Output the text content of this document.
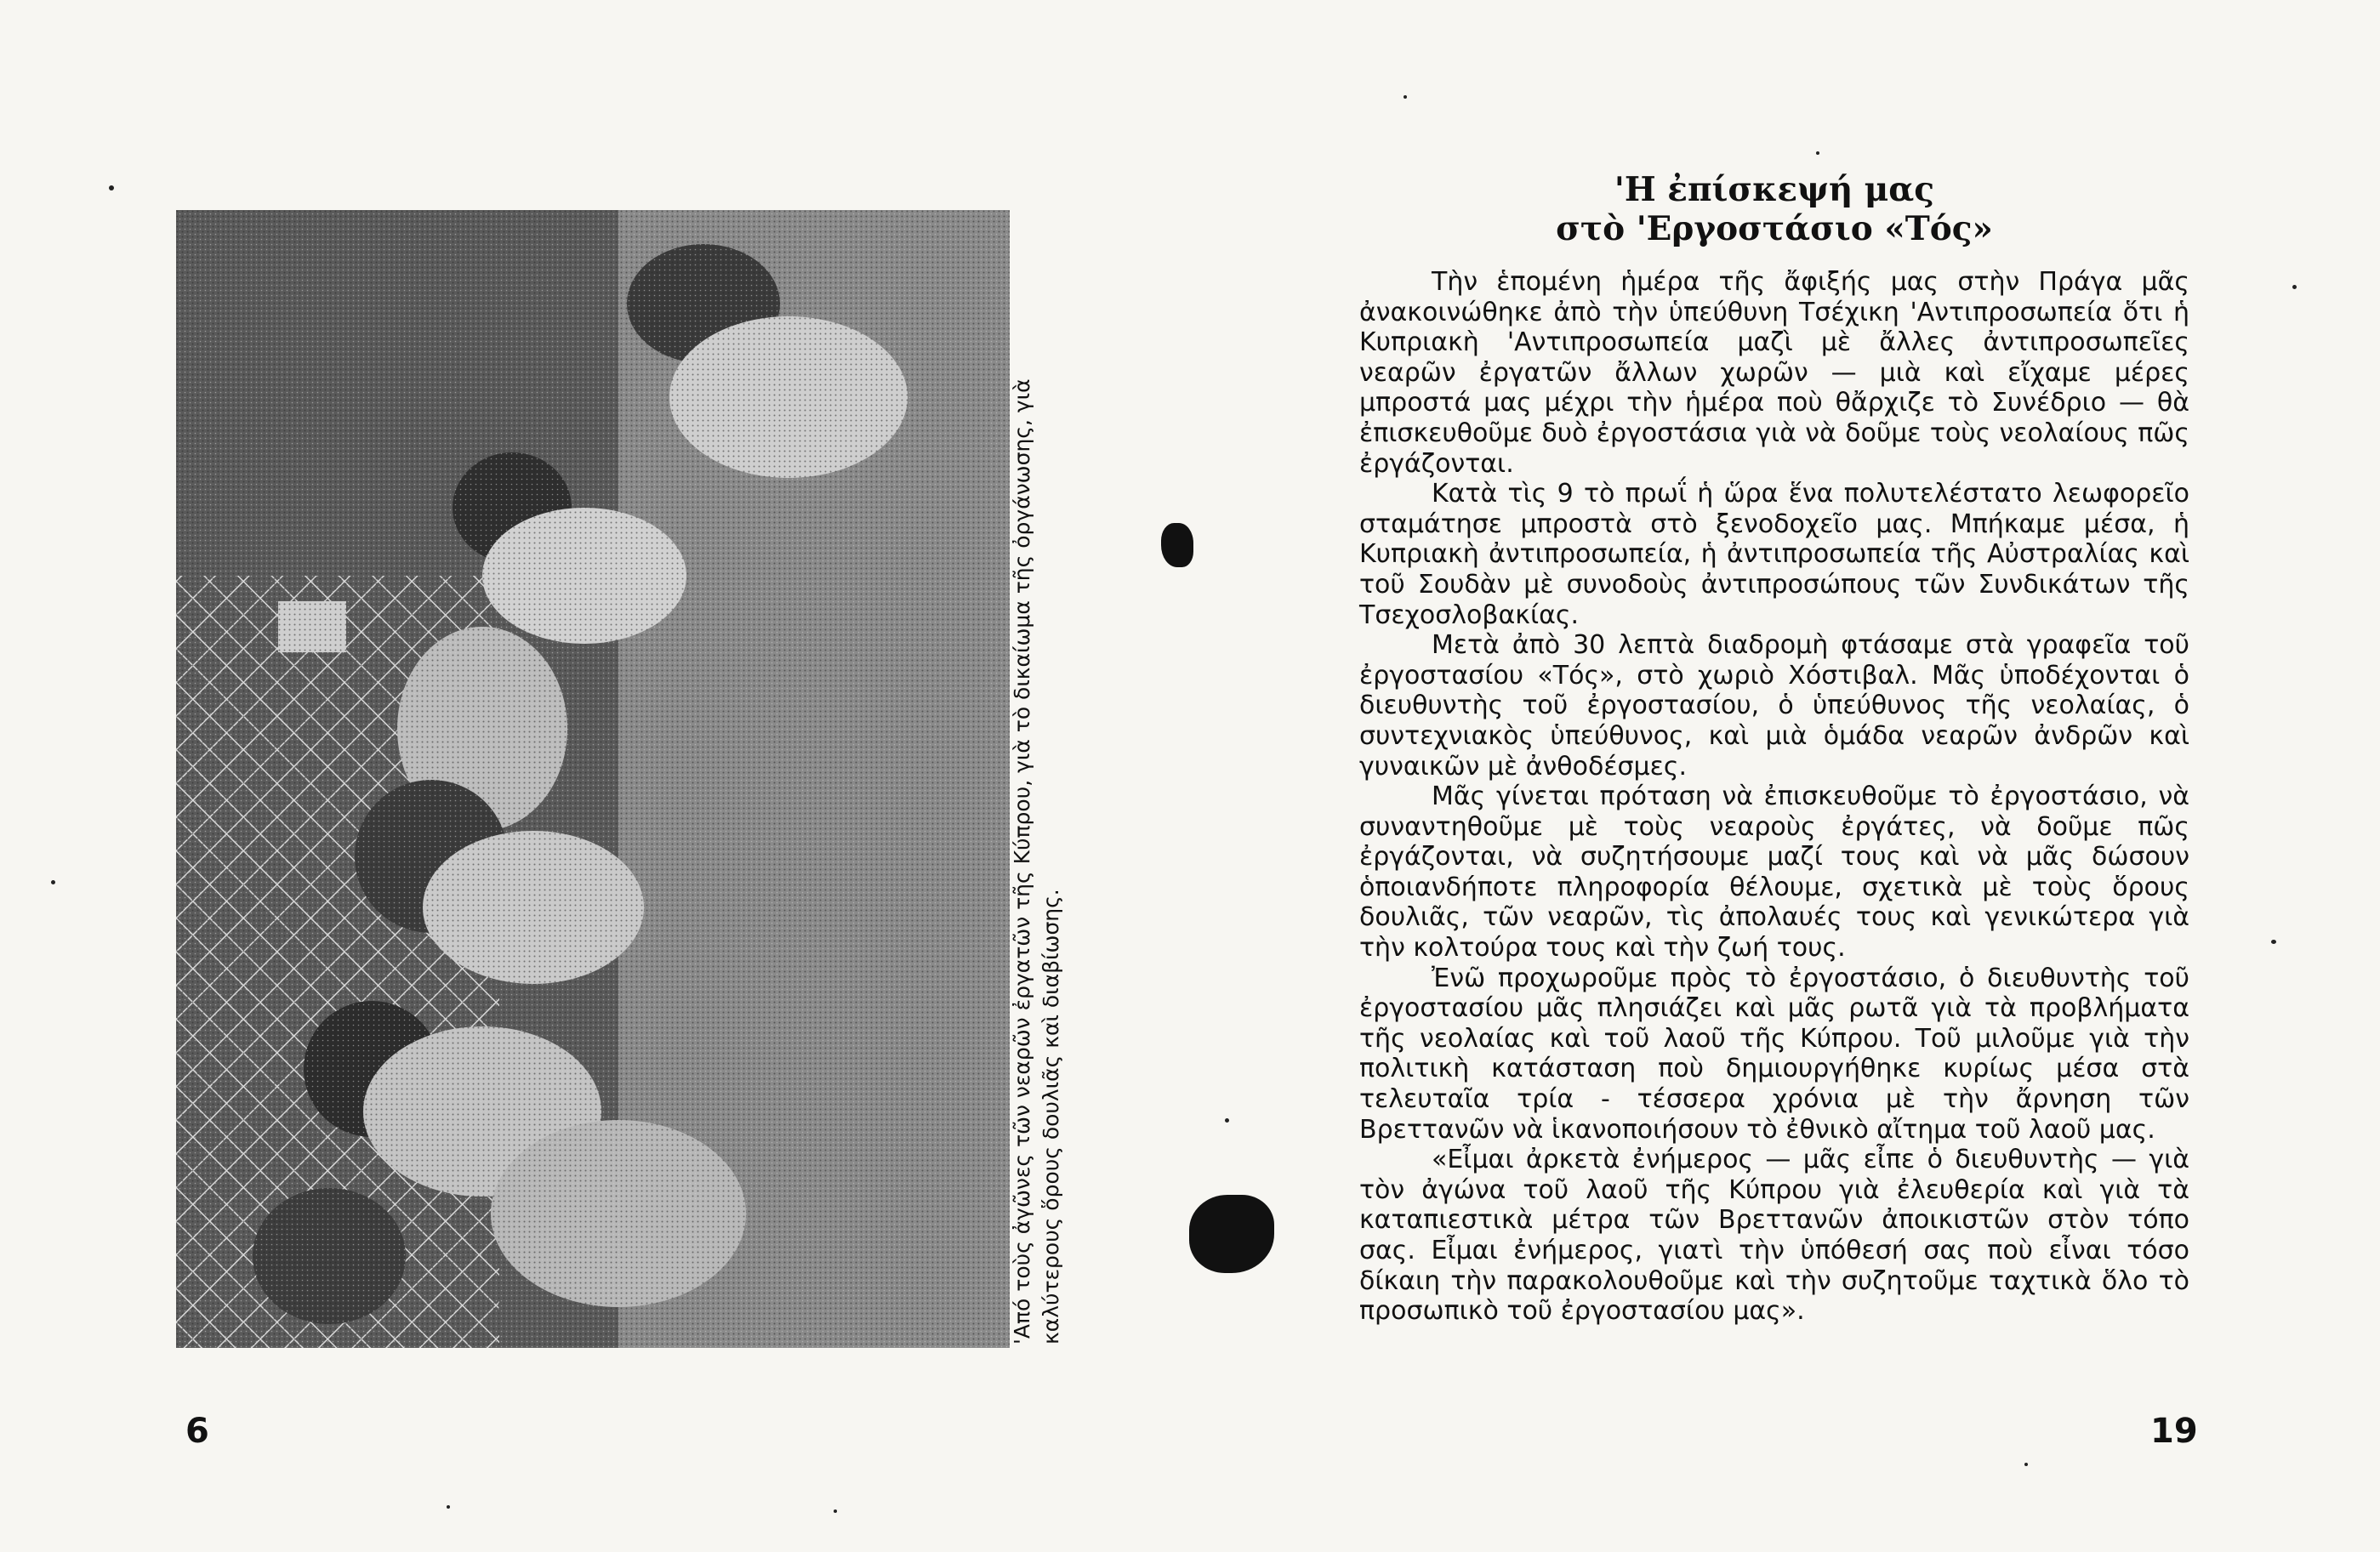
'Από τοὺς ἀγῶνες τῶν νεαρῶν ἐργατῶν τῆς Κύπρου, γιὰ τὸ δικαίωμα τῆς ὀργάνωσης, γιὰ καλύτερους ὅρους δουλιᾶς καὶ διαβίωσης.

6
'Η ἐπίσκεψή μας
στὸ 'Εργοστάσιο «Τός»

Τὴν ἑπομένη ἡμέρα τῆς ἄφιξής μας στὴν Πράγα μᾶς ἀνακοινώθηκε ἀπὸ τὴν ὑπεύθυνη Τσέχικη 'Αντιπροσωπεία ὅτι ἡ Κυπριακὴ 'Αντιπροσωπεία μαζὶ μὲ ἄλλες ἀντιπροσωπεῖες νεαρῶν ἐργατῶν ἄλλων χωρῶν — μιὰ καὶ εἴχαμε μέρες μπροστά μας μέχρι τὴν ἡμέρα ποὺ θἄρχιζε τὸ Συνέδριο — θὰ ἐπισκευθοῦμε δυὸ ἐργοστάσια γιὰ νὰ δοῦμε τοὺς νεολαίους πῶς ἐργάζονται.

Κατὰ τὶς 9 τὸ πρωΐ ἡ ὥρα ἕνα πολυτελέστατο λεωφορεῖο σταμάτησε μπροστὰ στὸ ξενοδοχεῖο μας. Μπήκαμε μέσα, ἡ Κυπριακὴ ἀντιπροσωπεία, ἡ ἀντιπροσωπεία τῆς Αὐστραλίας καὶ τοῦ Σουδὰν μὲ συνοδοὺς ἀντιπροσώπους τῶν Συνδικάτων τῆς Τσεχοσλοβακίας.

Μετὰ ἀπὸ 30 λεπτὰ διαδρομὴ φτάσαμε στὰ γραφεῖα τοῦ ἐργοστασίου «Τός», στὸ χωριὸ Χόστιβαλ. Μᾶς ὑποδέχονται ὁ διευθυντὴς τοῦ ἐργοστασίου, ὁ ὑπεύθυνος τῆς νεολαίας, ὁ συντεχνιακὸς ὑπεύθυνος, καὶ μιὰ ὁμάδα νεαρῶν ἀνδρῶν καὶ γυναικῶν μὲ ἀνθοδέσμες.

Μᾶς γίνεται πρόταση νὰ ἐπισκευθοῦμε τὸ ἐργοστάσιο, νὰ συναντηθοῦμε μὲ τοὺς νεαροὺς ἐργάτες, νὰ δοῦμε πῶς ἐργάζονται, νὰ συζητήσουμε μαζί τους καὶ νὰ μᾶς δώσουν ὁποιανδήποτε πληροφορία θέλουμε, σχετικὰ μὲ τοὺς ὅρους δουλιᾶς, τῶν νεαρῶν, τὶς ἀπολαυές τους καὶ γενικώτερα γιὰ τὴν κολτούρα τους καὶ τὴν ζωή τους.

Ἐνῶ προχωροῦμε πρὸς τὸ ἐργοστάσιο, ὁ διευθυντὴς τοῦ ἐργοστασίου μᾶς πλησιάζει καὶ μᾶς ρωτᾶ γιὰ τὰ προβλήματα τῆς νεολαίας καὶ τοῦ λαοῦ τῆς Κύπρου. Τοῦ μιλοῦμε γιὰ τὴν πολιτικὴ κατάσταση ποὺ δημιουργήθηκε κυρίως μέσα στὰ τελευταῖα τρία - τέσσερα χρόνια μὲ τὴν ἄρνηση τῶν Βρεττανῶν νὰ ἱκανοποιήσουν τὸ ἐθνικὸ αἴτημα τοῦ λαοῦ μας.

«Εἶμαι ἀρκετὰ ἐνήμερος — μᾶς εἶπε ὁ διευθυντὴς — γιὰ τὸν ἀγώνα τοῦ λαοῦ τῆς Κύπρου γιὰ ἐλευθερία καὶ γιὰ τὰ καταπιεστικὰ μέτρα τῶν Βρεττανῶν ἀποικιστῶν στὸν τόπο σας. Εἶμαι ἐνήμερος, γιατὶ τὴν ὑπόθεσή σας ποὺ εἶναι τόσο δίκαιη τὴν παρακολουθοῦμε καὶ τὴν συζητοῦμε ταχτικὰ ὅλο τὸ προσωπικὸ τοῦ ἐργοστασίου μας».

19
